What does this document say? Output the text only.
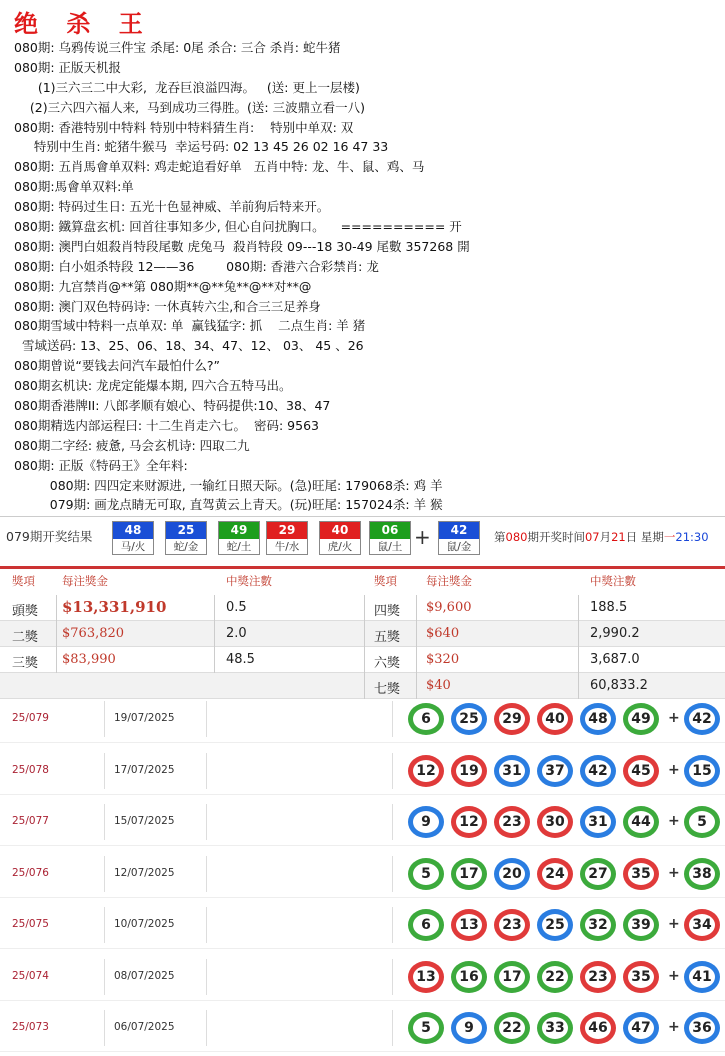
绝 杀 王
080期: 乌鸦传说三件宝 杀尾: 0尾 杀合: 三合 杀肖: 蛇牛猪
080期: 正版天机报
(1)三六三二中大彩,  龙吞巨浪溢四海。   (送: 更上一层楼)
(2)三六四六福人来,  马到成功三得胜。(送: 三波鼎立看一八)
080期: 香港特别中特料 特别中特料猜生肖:    特别中单双: 双
特别中生肖: 蛇猪牛猴马  幸运号码: 02 13 45 26 02 16 47 33
080期: 五肖馬會单双料: 鸡走蛇追看好单   五肖中特: 龙、牛、鼠、鸡、马
080期:馬會单双料:单
080期: 特码过生日: 五光十色显神威、羊前狗后特来开。
080期: 鐵算盘玄机: 回首往事知多少, 但心自问扰胸口。    ========== 开
080期: 澳門白姐殺肖特段尾數 虎兔马  殺肖特段 09---18 30-49 尾數 357268 開
080期: 白小姐杀特段 12——36        080期: 香港六合彩禁肖: 龙
080期: 九宫禁肖@**第 080期**@**兔**@**对**@
080期: 澳门双色特码诗: 一休真转六尘,和合三三足养身
080期雪域中特料一点单双: 单  赢钱猛字: 抓    二点生肖: 羊 猪
雪域送码: 13、25、06、18、34、47、12、 03、 45 、26
080期曾说“要钱去问汽车最怕什么?”
080期玄机诀: 龙虎定能爆本期, 四六合五特马出。
080期香港牌II: 八郎孝顺有娘心、特码提供:10、38、47
080期精选内部运程曰: 十二生肖走六七。  密码: 9563
080期二字经: 疲惫, 马会玄机诗: 四取二九
080期: 正版《特码王》全年料:
080期: 四四定来财源进, 一输红日照天际。(急)旺尾: 179068杀: 鸡 羊
079期: 画龙点睛无可取, 直驾黄云上青天。(玩)旺尾: 157024杀: 羊 猴
079期开奖结果	48
马/火
25
蛇/金
49
蛇/土
29
牛/水
40
虎/火
06
鼠/土
42
鼠/金
+	第080期开奖时间07月21日 星期一21:30
獎項 每注獎金	中獎注數	獎項	每注獎金	中獎注數
頭獎 $13,331,910	0.5	四獎 $9,600	188.5
二獎 $763,820	2.0	五獎 $640	2,990.2
三獎 $83,990	48.5	六獎 $320	3,687.0
七獎 $40	60,833.2
25/079	19/07/2025	6	25	29	40	48	49	+ 42
25/078	17/07/2025	12	19	31	37	42	45	+ 15
25/077	15/07/2025	9	12	23	30	31	44	+	5
25/076	12/07/2025	5	17	20	24	27	35	+ 38
25/075	10/07/2025	6	13	23	25	32	39	+ 34
25/074	08/07/2025	13	16	17	22	23	35	+ 41
25/073	06/07/2025	5	9	22	33	46	47	+ 36
